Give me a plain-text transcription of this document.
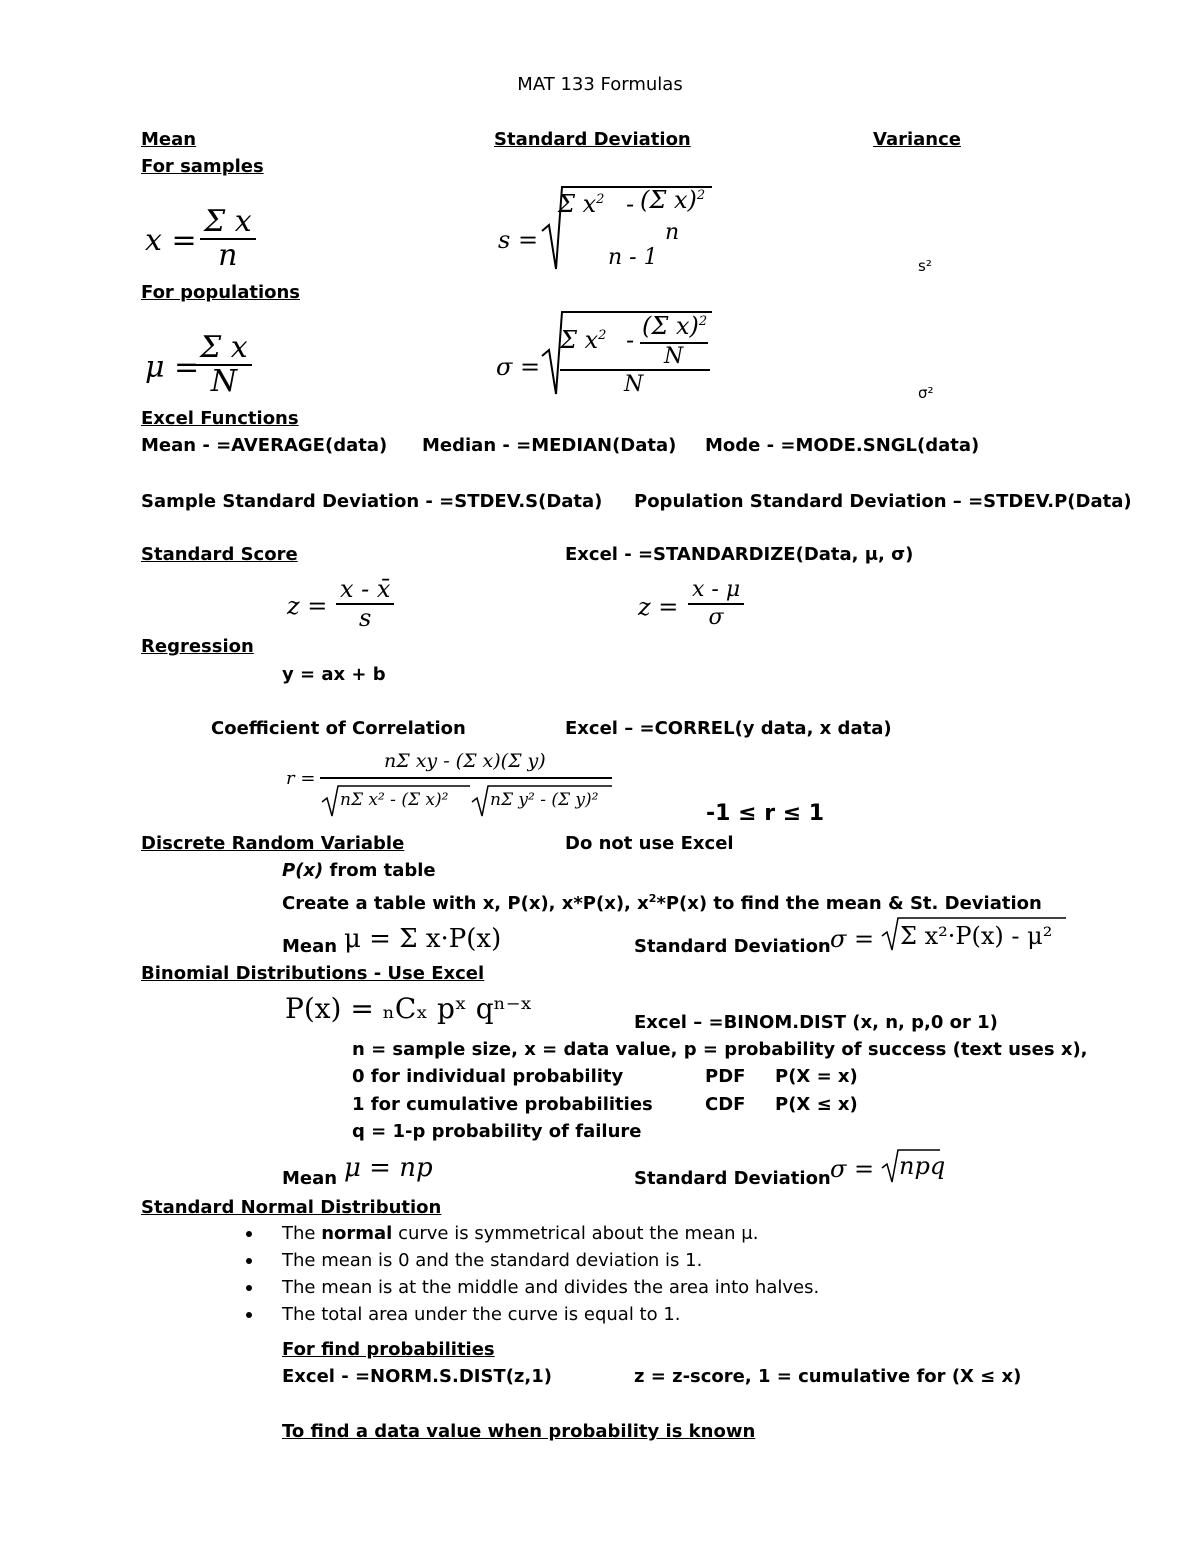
MAT 133 Formulas
Mean	Standard Deviation	Variance
For samples
x =
Σ x
n	s =
Σ $x^2 - (\Sigma$ x)$^2$
n
n - 1	s²
For populations
μ =
Σ x
N	σ =
Σ $x^2 - (\Sigma$ x)$^2$
N
N	σ²
Excel Functions
Mean - =AVERAGE(data) Median - =MEDIAN(Data) Mode - =MODE.SNGL(data)
Sample Standard Deviation - =STDEV.S(Data) Population Standard Deviation – =STDEV.P(Data)
Standard Score	Excel - =STANDARDIZE(Data, μ, σ)
z =
x - x̄
s	z =
x - μ
σ
Regression
y = ax + b
Coefficient of Correlation	Excel – =CORREL(y data, x data)
r =
nΣ xy - (Σ x)(Σ y)
nΣ x² - (Σ x)² nΣ y² - (Σ y)²
-1 ≤ r ≤ 1
Discrete Random Variable	Do not use Excel
P(x) from table
Create a table with x, P(x), x*P(x), $x^2*P(x)$ to find the mean & St. Deviation
Mean μ = Σ x·P(x)	Standard Deviation σ = Σ x²·P(x) - μ²
Binomial Distributions - Use Excel
P(x) = ₙCₓ pˣ qⁿ⁻ˣ	Excel – =BINOM.DIST (x, n, p,0 or 1)
n = sample size, x = data value, p = probability of success (text uses x),
0 for individual probability	PDF P(X = x)
1 for cumulative probabilities	CDF P(X ≤ x)
q = 1-p probability of failure
Mean μ = np	Standard Deviation σ = npq
Standard Normal Distribution
The normal curve is symmetrical about the mean μ.
The mean is 0 and the standard deviation is 1.
The mean is at the middle and divides the area into halves.
The total area under the curve is equal to 1.
For find probabilities
Excel - =NORM.S.DIST(z,1)	z = z-score, 1 = cumulative for (X ≤ x)
To find a data value when probability is known
